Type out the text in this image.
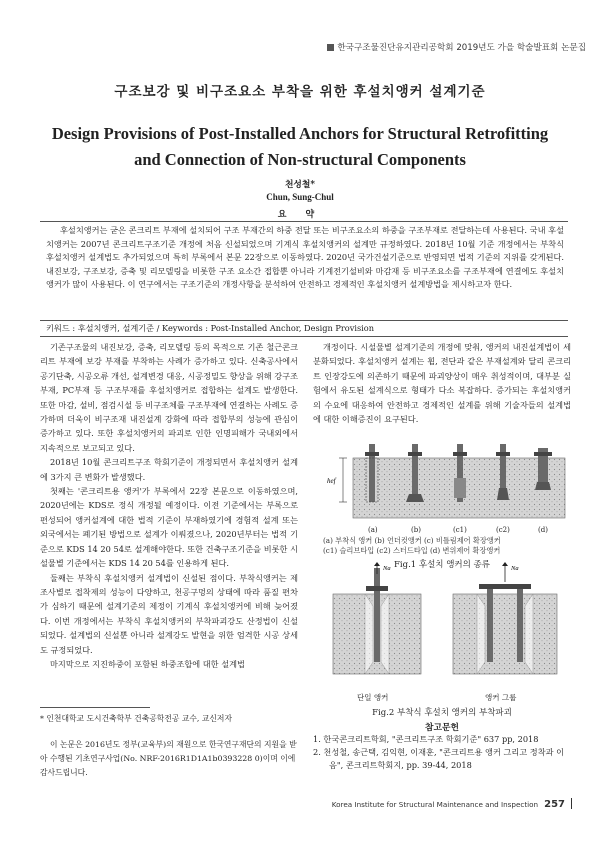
한국구조물진단유지관리공학회 2019년도 가을 학술발표회 논문집
구조보강 및 비구조요소 부착을 위한 후설치앵커 설계기준
Design Provisions of Post-Installed Anchors for Structural Retrofitting
and Connection of Non-structural Components
천성철*
Chun, Sung-Chul
요 약
후설치앵커는 굳은 콘크리트 부재에 설치되어 구조 부재간의 하중 전달 또는 비구조요소의 하중을 구조부재로 전달하는데 사용된다. 국내 후설치앵커는 2007년 콘크리트구조기준 개정에 처음 신설되었으며 기계식 후설치앵커의 설계만 규정하였다. 2018년 10월 기준 개정에서는 부착식 후설치앵커 설계법도 추가되었으며 특히 부록에서 본문 22장으로 이동하였다. 2020년 국가건설기준으로 반영되면 법적 기준의 지위를 갖게된다. 내진보강, 구조보강, 증축 및 리모델링을 비롯한 구조 요소간 접합뿐 아니라 기계전기설비와 마감재 등 비구조요소를 구조부재에 연결에도 후설치앵커가 많이 사용된다. 이 연구에서는 구조기준의 개정사항을 분석하여 안전하고 경제적인 후설치앵커 설계방법을 제시하고자 한다.
키워드 : 후설치앵커, 설계기준 / Keywords : Post-Installed Anchor, Design Provision

기존구조물의 내진보강, 증축, 리모델링 등의 목적으로 기존 철근콘크리트 부재에 보강 부재를 부착하는 사례가 증가하고 있다. 신축공사에서 공기단축, 시공오류 개선, 설계변경 대응, 시공정밀도 향상을 위해 강구조부재, PC부재 등 구조부재를 후설치앵커로 접합하는 설계도 발생한다. 또한 마감, 설비, 점검시설 등 비구조체를 구조부재에 연결하는 사례도 증가하며 더욱이 비구조재 내진설계 강화에 따라 접합부의 성능에 관심이 증가하고 있다. 또한 후설치앵커의 파괴로 인한 인명피해가 국내외에서 지속적으로 보고되고 있다.

2018년 10월 콘크리트구조 학회기준이 개정되면서 후설치앵커 설계에 3가지 큰 변화가 발생했다.

첫째는 '콘크리트용 앵커'가 부록에서 22장 본문으로 이동하였으며, 2020년에는 KDS로 정식 개정될 예정이다. 이전 기준에서는 부록으로 편성되어 앵커설계에 대한 법적 기준이 부재하였기에 경험적 설계 또는 외국에서는 폐기된 방법으로 설계가 이뤄졌으나, 2020년부터는 법적 기준으로 KDS 14 20 54로 설계해야한다. 또한 건축구조기준을 비롯한 시설물별 기준에서는 KDS 14 20 54를 인용하게 된다.

둘째는 부착식 후설치앵커 설계법이 신설된 점이다. 부착식앵커는 제조사별로 접착제의 성능이 다양하고, 천공구멍의 상태에 따라 품질 편차가 심하기 때문에 설계기준의 제정이 기계식 후설치앵커에 비해 늦어졌다. 이번 개정에서는 부착식 후설치앵커의 부착파괴강도 산정법이 신설되었다. 설계법의 신설뿐 아니라 설계강도 발현을 위한 엄격한 시공 상세도 규정되었다.

마지막으로 지진하중이 포함된 하중조합에 대한 설계법

개정이다. 시설물별 설계기준의 개정에 맞춰, 앵커의 내진설계법이 세분화되었다. 후설치앵커 설계는 휨, 전단과 같은 부재설계와 달리 콘크리트 인장강도에 의존하기 때문에 파괴양상이 매우 취성적이며, 대부분 실험에서 유도된 설계식으로 형태가 다소 복잡하다. 증가되는 후설치앵커의 수요에 대응하여 안전하고 경제적인 설계를 위해 기술자들의 설계법에 대한 이해증진이 요구된다.

hef
(a)	(b)	(c1)	(c2)	(d)
(a) 부착식 앵커 (b) 언더컷앵커 (c) 비틀림제어 확장앵커
(c1) 슬리브타입 (c2) 스터드타입 (d) 변위제어 확장앵커
Fig.1 후설치 앵커의 종류
Na	Na
단일 앵커	앵커 그룹
Fig.2 부착식 후설치 앵커의 부착파괴
* 인천대학교 도시건축학부 건축공학전공 교수, 교신저자
이 논문은 2016년도 정부(교육부)의 재원으로 한국연구재단의 지원을 받아 수행된 기초연구사업(No. NRF-2016R1D1A1b0393228 0)이며 이에 감사드립니다.
참고문헌
1. 한국콘크리트학회, "콘크리트구조 학회기준" 637 pp, 2018
2. 천성철, 송근택, 김익현, 이재훈, "콘크리트용 앵커 그리고 정착과 이음", 콘크리트학회지, pp. 39-44, 2018
Korea Institute for Structural Maintenance and Inspection 257
